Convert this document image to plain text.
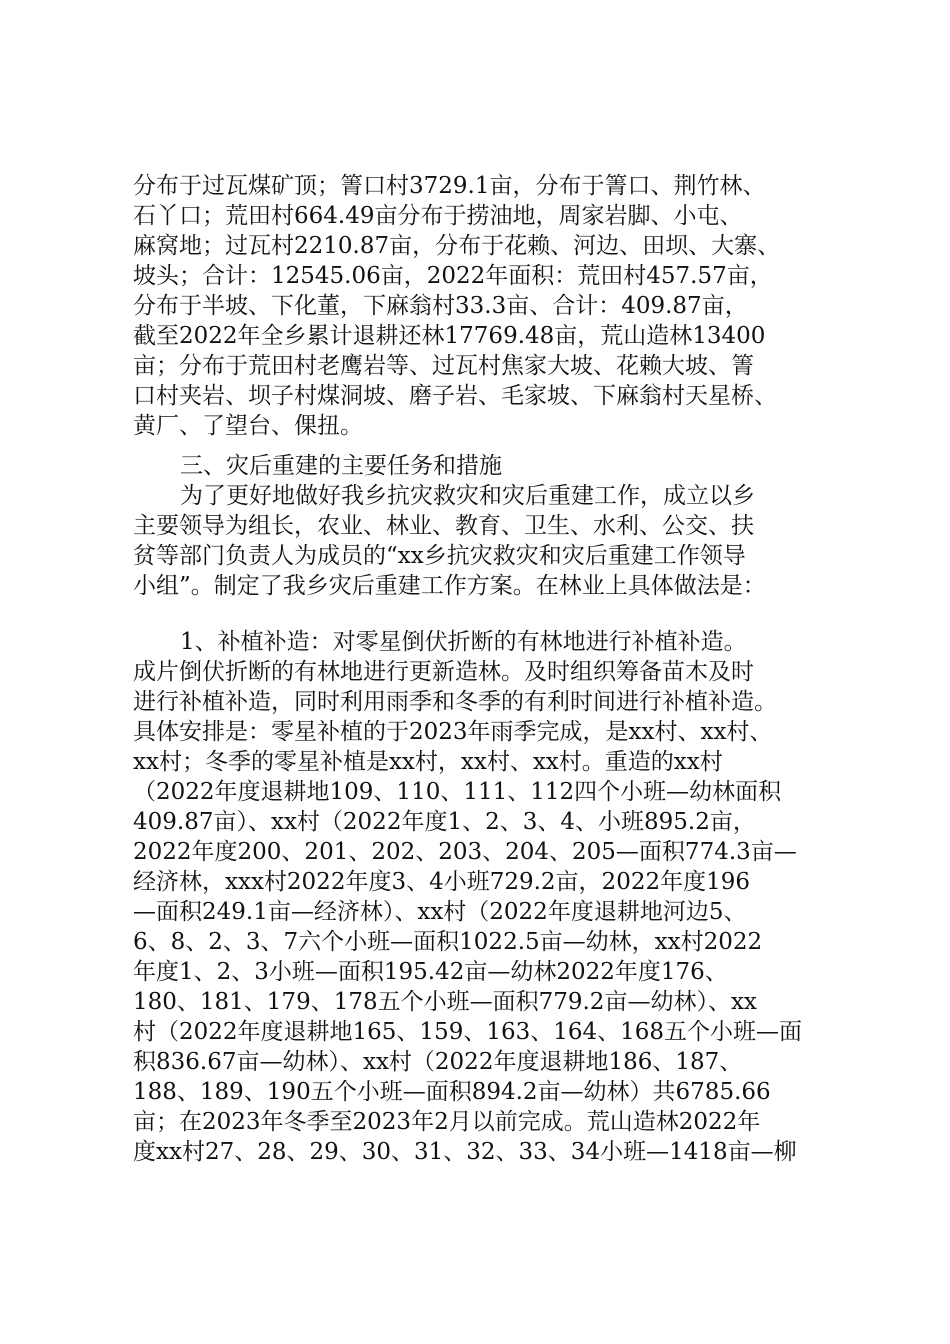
分布于过瓦煤矿顶；箐口村3729.1亩，分布于箐口、荆竹林、
石丫口；荒田村664.49亩分布于捞油地，周家岩脚、小屯、
麻窝地；过瓦村2210.87亩，分布于花赖、河边、田坝、大寨、
坡头；合计：12545.06亩，2022年面积：荒田村457.57亩，
分布于半坡、下化董，下麻翁村33.3亩、合计：409.87亩，
截至2022年全乡累计退耕还林17769.48亩，荒山造林13400
亩；分布于荒田村老鹰岩等、过瓦村焦家大坡、花赖大坡、箐
口村夹岩、坝子村煤洞坡、磨子岩、毛家坡、下麻翁村天星桥、
黄厂、了望台、倮扭。
三、灾后重建的主要任务和措施
为了更好地做好我乡抗灾救灾和灾后重建工作，成立以乡
主要领导为组长，农业、林业、教育、卫生、水利、公交、扶
贫等部门负责人为成员的“xx乡抗灾救灾和灾后重建工作领导
小组”。制定了我乡灾后重建工作方案。在林业上具体做法是：
1、补植补造：对零星倒伏折断的有林地进行补植补造。
成片倒伏折断的有林地进行更新造林。及时组织筹备苗木及时
进行补植补造，同时利用雨季和冬季的有利时间进行补植补造。
具体安排是：零星补植的于2023年雨季完成，是xx村、xx村、
xx村；冬季的零星补植是xx村，xx村、xx村。重造的xx村
（2022年度退耕地109、110、111、112四个小班—幼林面积
409.87亩）、xx村（2022年度1、2、3、4、小班895.2亩，
2022年度200、201、202、203、204、205—面积774.3亩—
经济林，xxx村2022年度3、4小班729.2亩，2022年度196
—面积249.1亩—经济林）、xx村（2022年度退耕地河边5、
6、8、2、3、7六个小班—面积1022.5亩—幼林，xx村2022
年度1、2、3小班—面积195.42亩—幼林2022年度176、
180、181、179、178五个小班—面积779.2亩—幼林）、xx
村（2022年度退耕地165、159、163、164、168五个小班—面
积836.67亩—幼林）、xx村（2022年度退耕地186、187、
188、189、190五个小班—面积894.2亩—幼林）共6785.66
亩；在2023年冬季至2023年2月以前完成。荒山造林2022年
度xx村27、28、29、30、31、32、33、34小班—1418亩—柳
